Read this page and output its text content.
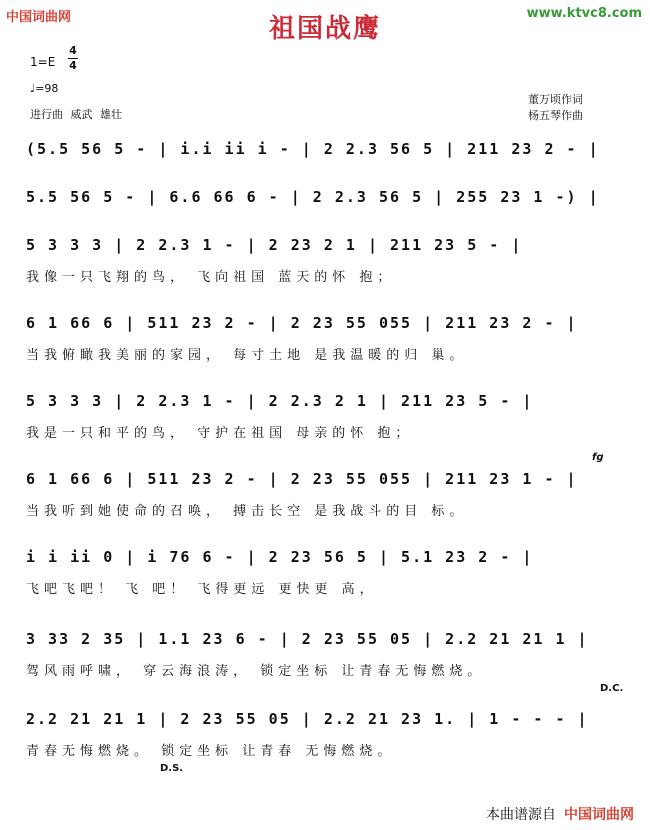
中国词曲网	www.ktvc8.com
祖国战鹰
1=E
4
4
♩=98
进行曲 威武 雄壮
董万顷作词
杨五琴作曲
(5.5 56 5 - | i.i ii i - | 2 2.3 56 5 | 211 23 2 - |
5.5 56 5 - | 6.6 66 6 - | 2 2.3 56 5 | 255 23 1 -) |
5 3 3 3 | 2 2.3 1 - | 2 23 2 1 | 211 23 5 - |
我像一只飞翔的鸟， 飞向祖国 蓝天的怀 抱；
6 1 66 6 | 511 23 2 - | 2 23 55 055 | 211 23 2 - |
当我俯瞰我美丽的家园， 每寸土地 是我温暖的归 巢。
5 3 3 3 | 2 2.3 1 - | 2 2.3 2 1 | 211 23 5 - |
我是一只和平的鸟， 守护在祖国 母亲的怀 抱；
6 1 66 6 | 511 23 2 - | 2 23 55 055 | 211 23 1 - |
当我听到她使命的召唤， 搏击长空 是我战斗的目 标。
i i ii 0 | i 76 6 - | 2 23 56 5 | 5.1 23 2 - |
飞吧飞吧！ 飞 吧！ 飞得更远 更快更 高，
3 33 2 35 | 1.1 23 6 - | 2 23 55 05 | 2.2 21 21 1 |
驾风雨呼啸， 穿云海浪涛， 锁定坐标 让青春无悔燃烧。
2.2 21 21 1 | 2 23 55 05 | 2.2 21 23 1. | 1 - - - |
青春无悔燃烧。 锁定坐标 让青春 无悔燃烧。
D.C.
D.S.
fg
本曲谱源自 中国词曲网
